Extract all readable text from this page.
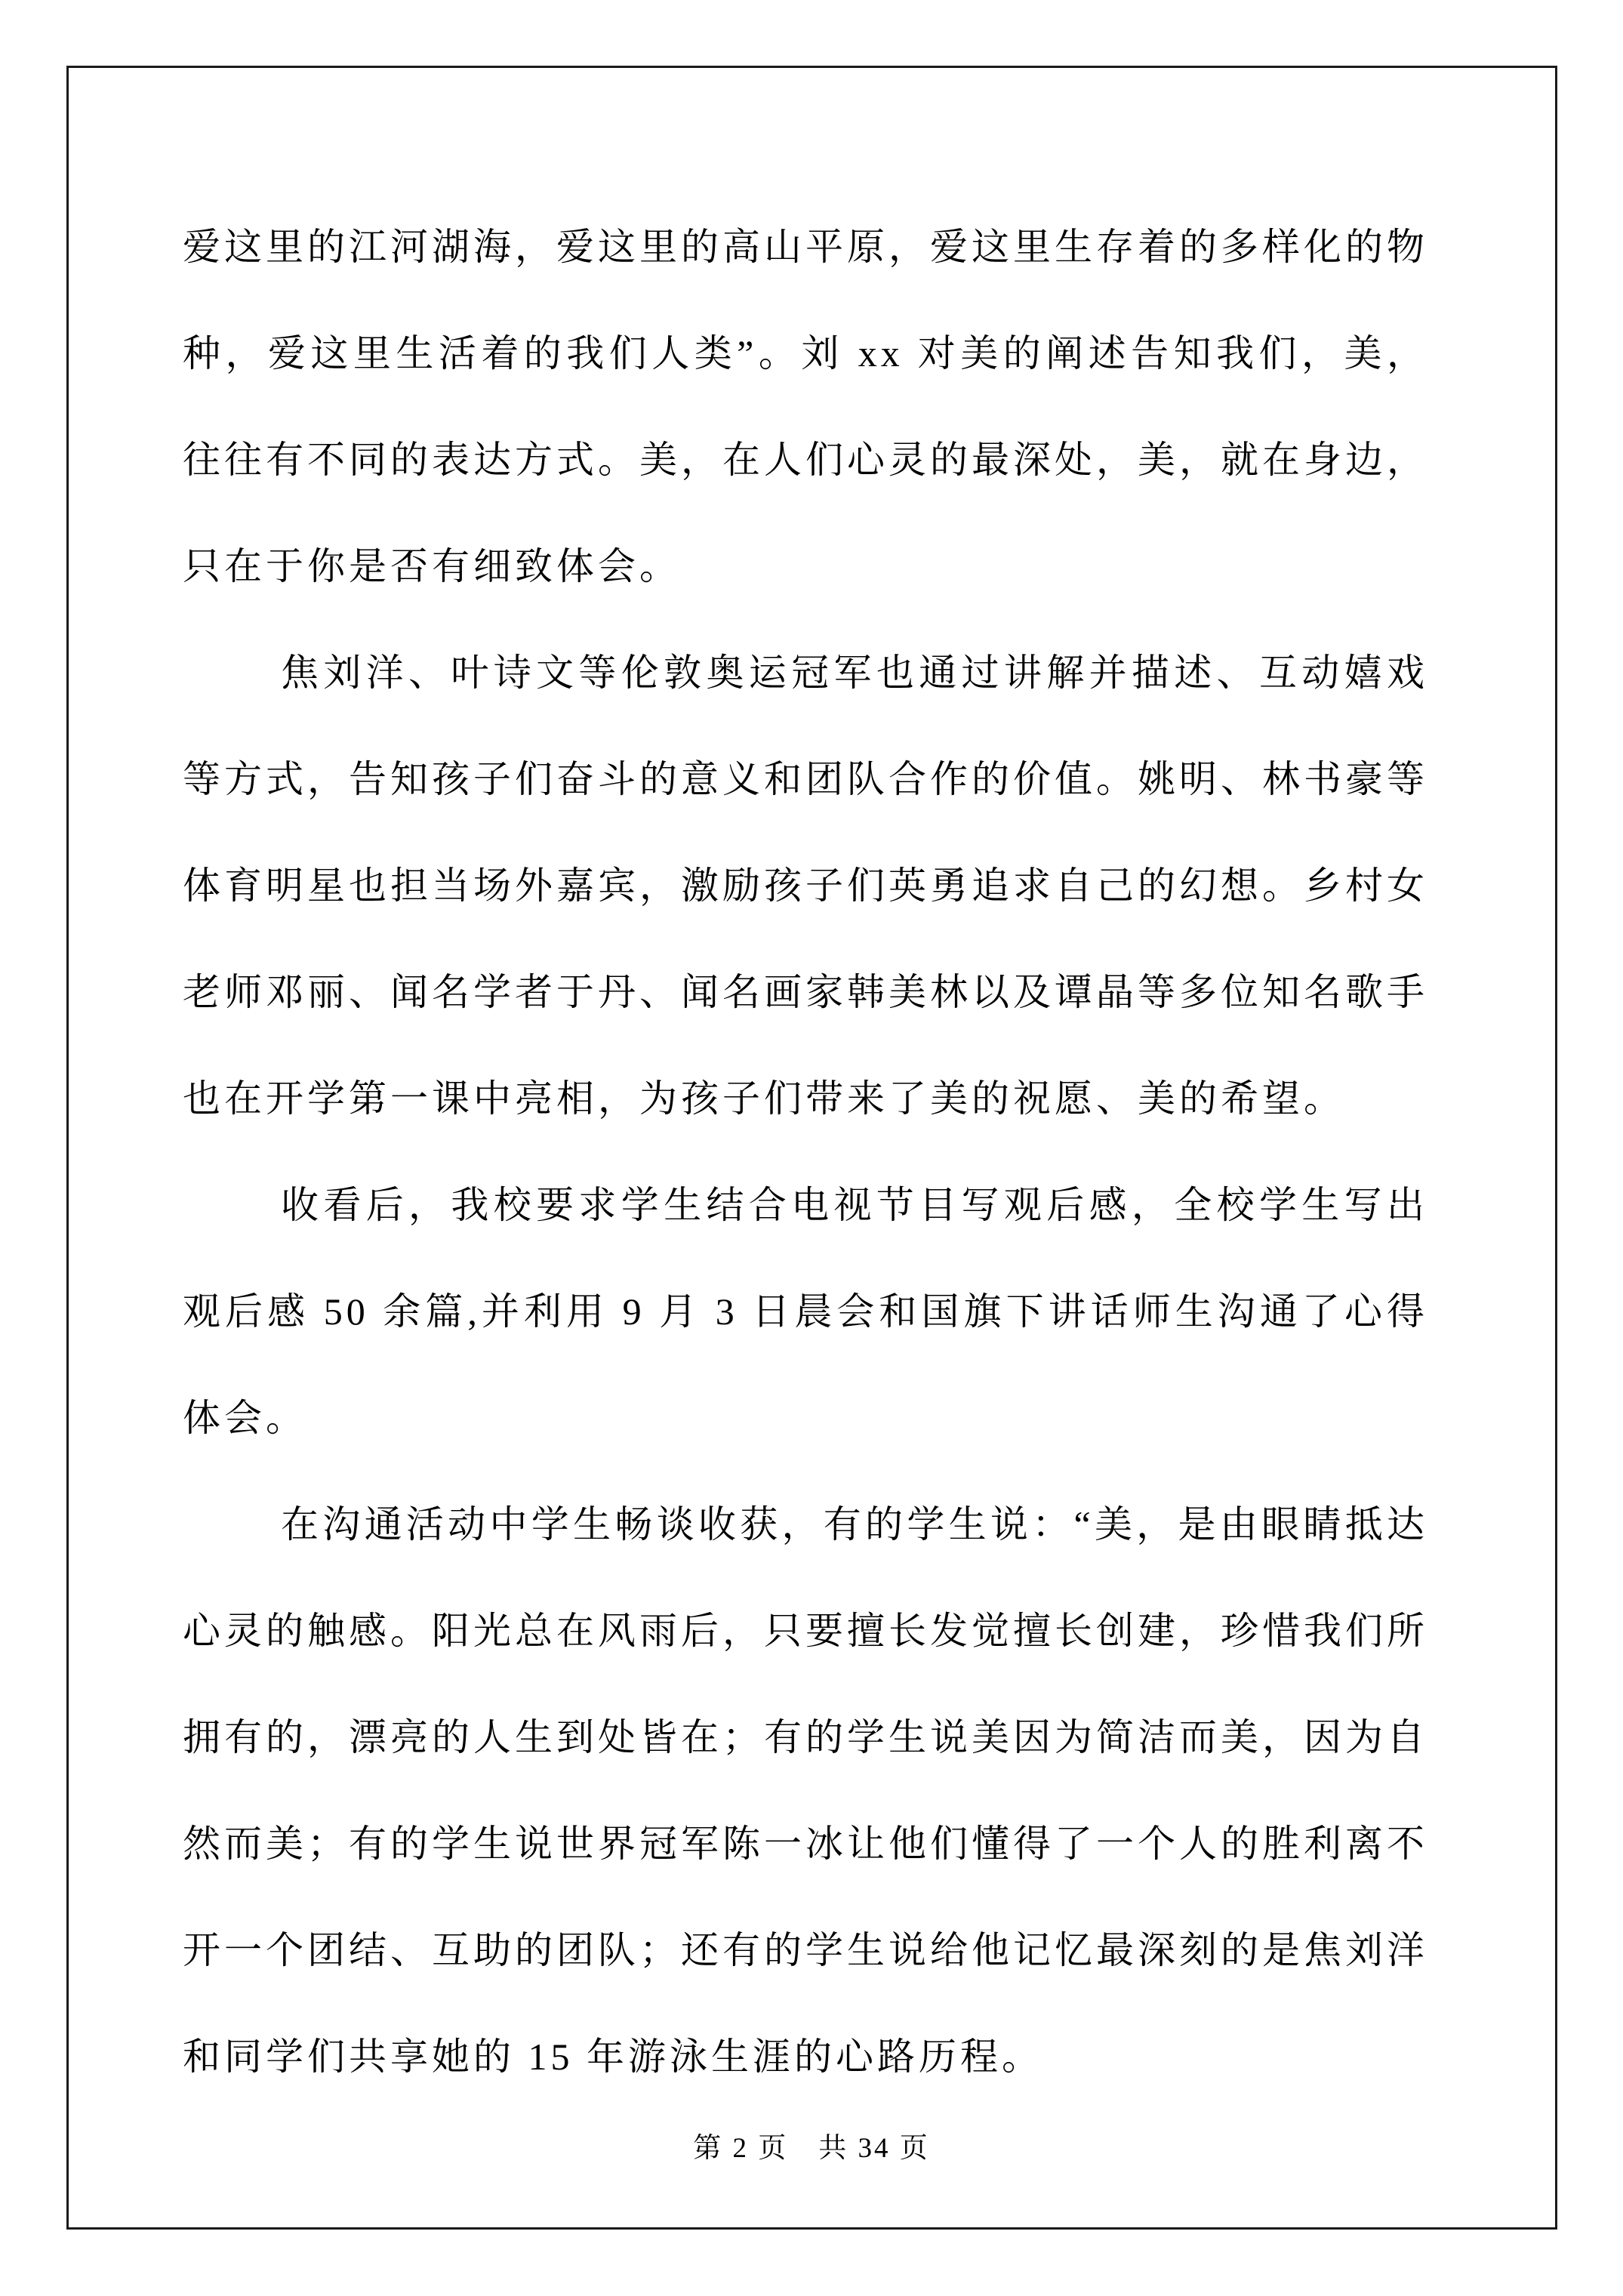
爱这里的江河湖海，爱这里的高山平原，爱这里生存着的多样化的物种，爱这里生活着的我们人类”。刘 xx 对美的阐述告知我们，美，往往有不同的表达方式。美，在人们心灵的最深处，美，就在身边，只在于你是否有细致体会。

焦刘洋、叶诗文等伦敦奥运冠军也通过讲解并描述、互动嬉戏等方式，告知孩子们奋斗的意义和团队合作的价值。姚明、林书豪等体育明星也担当场外嘉宾，激励孩子们英勇追求自己的幻想。乡村女老师邓丽、闻名学者于丹、闻名画家韩美林以及谭晶等多位知名歌手也在开学第一课中亮相，为孩子们带来了美的祝愿、美的希望。

收看后，我校要求学生结合电视节目写观后感，全校学生写出观后感 50 余篇,并利用 9 月 3 日晨会和国旗下讲话师生沟通了心得体会。

在沟通活动中学生畅谈收获，有的学生说：“美，是由眼睛抵达心灵的触感。阳光总在风雨后，只要擅长发觉擅长创建，珍惜我们所拥有的，漂亮的人生到处皆在；有的学生说美因为简洁而美，因为自然而美；有的学生说世界冠军陈一冰让他们懂得了一个人的胜利离不开一个团结、互助的团队；还有的学生说给他记忆最深刻的是焦刘洋和同学们共享她的 15 年游泳生涯的心路历程。

第 2 页　共 34 页
